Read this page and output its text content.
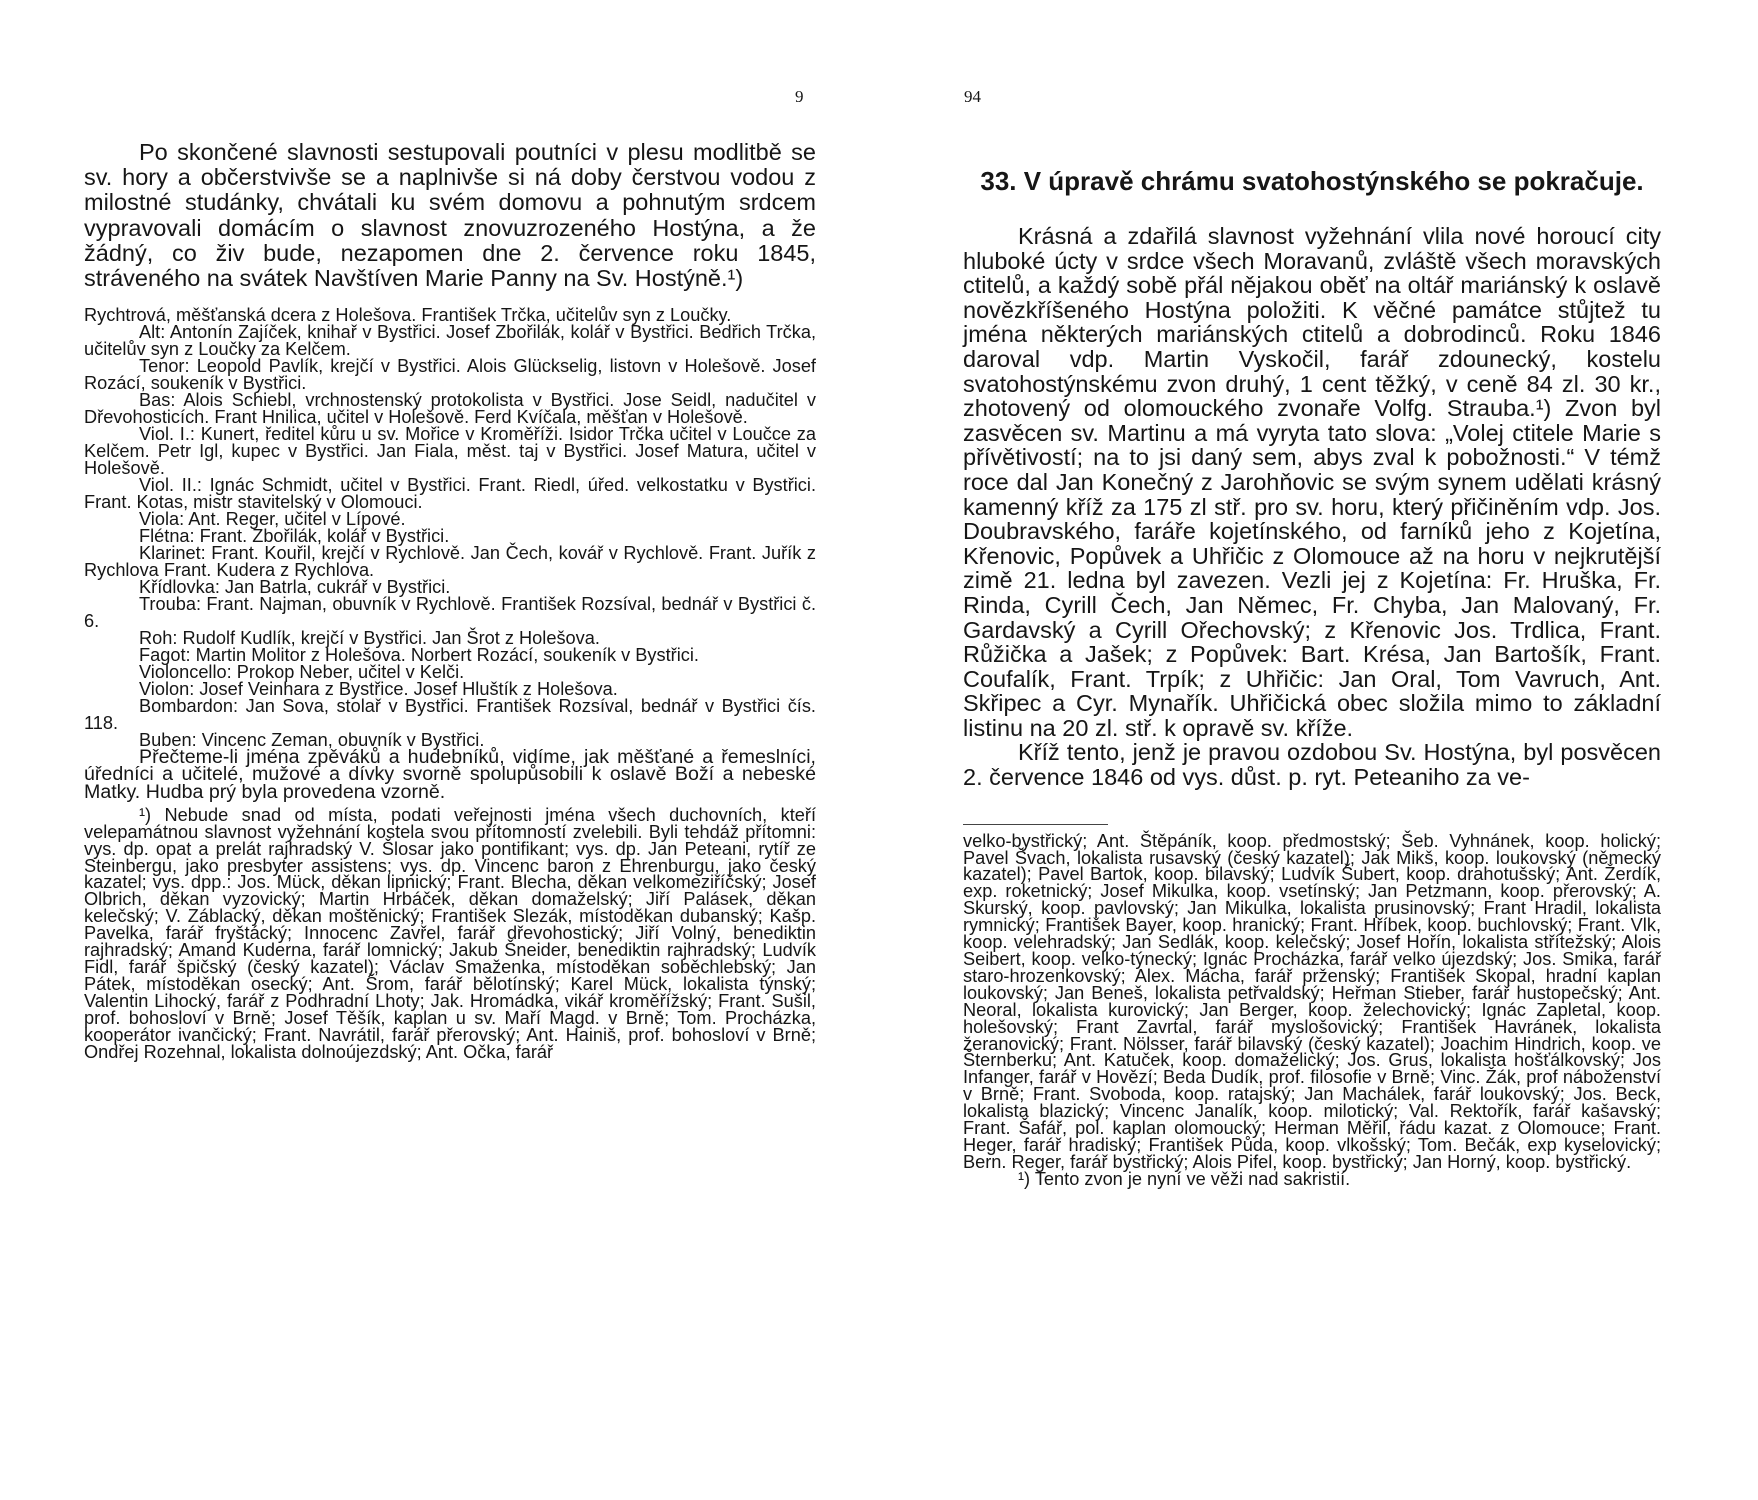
9

Po skončené slavnosti sestupovali poutníci v plesu modlitbě se sv. hory a občerstvivše se a naplnivše si ná doby čerstvou vodou z milostné studánky, chvátali ku svém domovu a pohnutým srdcem vypravovali domácím o slavnost znovuzrozeného Hostýna, a že žádný, co živ bude, nezapomen dne 2. července roku 1845, stráveného na svátek Navštíven Marie Panny na Sv. Hostýně.¹)

Rychtrová, měšťanská dcera z Holešova. František Trčka, učitelův syn z Loučky.

Alt: Antonín Zajíček, knihař v Bystřici. Josef Zbořilák, kolář v Bystřici. Bedřich Trčka, učitelův syn z Loučky za Kelčem.

Tenor: Leopold Pavlík, krejčí v Bystřici. Alois Glückselig, listovn v Holešově. Josef Rozácí, soukeník v Bystřici.

Bas: Alois Schiebl, vrchnostenský protokolista v Bystřici. Jose Seidl, nadučitel v Dřevohosticích. Frant Hnilica, učitel v Holešově. Ferd Kvíčala, měšťan v Holešově.

Viol. I.: Kunert, ředitel kůru u sv. Mořice v Kroměříži. Isidor Trčka učitel v Loučce za Kelčem. Petr Igl, kupec v Bystřici. Jan Fiala, měst. taj v Bystřici. Josef Matura, učitel v Holešově.

Viol. II.: Ignác Schmidt, učitel v Bystřici. Frant. Riedl, úřed. velkostatku v Bystřici. Frant. Kotas, mistr stavitelský v Olomouci.

Viola: Ant. Reger, učitel v Lípové.

Flétna: Frant. Zbořilák, kolář v Bystřici.

Klarinet: Frant. Kouřil, krejčí v Rychlově. Jan Čech, kovář v Rychlově. Frant. Juřík z Rychlova Frant. Kudera z Rychlova.

Křídlovka: Jan Batrla, cukrář v Bystřici.

Trouba: Frant. Najman, obuvník v Rychlově. František Rozsíval, bednář v Bystřici č. 6.

Roh: Rudolf Kudlík, krejčí v Bystřici. Jan Šrot z Holešova.

Fagot: Martin Molitor z Holešova. Norbert Rozácí, soukeník v Bystřici.

Violoncello: Prokop Neber, učitel v Kelči.

Violon: Josef Veinhara z Bystřice. Josef Hluštík z Holešova.

Bombardon: Jan Sova, stolař v Bystřici. František Rozsíval, bednář v Bystřici čís. 118.

Buben: Vincenc Zeman, obuvník v Bystřici.

Přečteme-li jména zpěváků a hudebníků, vidíme, jak měšťané a řemeslníci, úředníci a učitelé, mužové a dívky svorně spolupůsobili k oslavě Boží a nebeské Matky. Hudba prý byla provedena vzorně.

¹) Nebude snad od místa, podati veřejnosti jména všech duchovních, kteří velepamátnou slavnost vyžehnání kostela svou přítomností zvelebili. Byli tehdáž přítomni: vys. dp. opat a prelát rajhradský V. Šlosar jako pontifikant; vys. dp. Jan Peteani, rytíř ze Steinbergu, jako presbyter assistens; vys. dp. Vincenc baron z Ehrenburgu, jako český kazatel; vys. dpp.: Jos. Mück, děkan lipnický; Frant. Blecha, děkan velkomeziříčský; Josef Olbrich, děkan vyzovický; Martin Hrbáček, děkan domaželský; Jiří Palásek, děkan kelečský; V. Záblacký, děkan moštěnický; František Slezák, místoděkan dubanský; Kašp. Pavelka, farář fryštácký; Innocenc Zavřel, farář dřevohostický; Jiří Volný, benediktin rajhradský; Amand Kuderna, farář lomnický; Jakub Šneider, benediktin rajhradský; Ludvík Fidl, farář špičský (český kazatel); Václav Smaženka, místoděkan soběchlebský; Jan Pátek, místoděkan osecký; Ant. Šrom, farář bělotínský; Karel Mück, lokalista týnský; Valentin Lihocký, farář z Podhradní Lhoty; Jak. Hromádka, vikář kroměřížský; Frant. Sušil, prof. bohosloví v Brně; Josef Těšík, kaplan u sv. Maří Magd. v Brně; Tom. Procházka, kooperátor ivančický; Frant. Navrátil, farář přerovský; Ant. Hainiš, prof. bohosloví v Brně; Ondřej Rozehnal, lokalista dolnoújezdský; Ant. Očka, farář

94
33. V úpravě chrámu svatohostýnského se pokračuje.

Krásná a zdařilá slavnost vyžehnání vlila nové horoucí city hluboké úcty v srdce všech Moravanů, zvláště všech moravských ctitelů, a každý sobě přál nějakou oběť na oltář mariánský k oslavě novězkříšeného Hostýna položiti. K věčné památce stůjtež tu jména některých mariánských ctitelů a dobrodinců. Roku 1846 daroval vdp. Martin Vyskočil, farář zdounecký, kostelu svatohostýnskému zvon druhý, 1 cent těžký, v ceně 84 zl. 30 kr., zhotovený od olomouckého zvonaře Volfg. Strauba.¹) Zvon byl zasvěcen sv. Martinu a má vyryta tato slova: „Volej ctitele Marie s přívětivostí; na to jsi daný sem, abys zval k pobožnosti.“ V témž roce dal Jan Konečný z Jarohňovic se svým synem udělati krásný kamenný kříž za 175 zl stř. pro sv. horu, který přičiněním vdp. Jos. Doubravského, faráře kojetínského, od farníků jeho z Kojetína, Křenovic, Popůvek a Uhřičic z Olomouce až na horu v nejkrutější zimě 21. ledna byl zavezen. Vezli jej z Kojetína: Fr. Hruška, Fr. Rinda, Cyrill Čech, Jan Němec, Fr. Chyba, Jan Malovaný, Fr. Gardavský a Cyrill Ořechovský; z Křenovic Jos. Trdlica, Frant. Růžička a Jašek; z Popůvek: Bart. Krésa, Jan Bartošík, Frant. Coufalík, Frant. Trpík; z Uhřičic: Jan Oral, Tom Vavruch, Ant. Skřipec a Cyr. Mynařík. Uhřičická obec složila mimo to základní listinu na 20 zl. stř. k opravě sv. kříže.

Kříž tento, jenž je pravou ozdobou Sv. Hostýna, byl posvěcen 2. července 1846 od vys. důst. p. ryt. Peteaniho za ve-

velko-bystřický; Ant. Štěpáník, koop. předmostský; Šeb. Vyhnánek, koop. holický; Pavel Švach, lokalista rusavský (český kazatel); Jak Mikš, koop. loukovský (německý kazatel); Pavel Bartok, koop. bilavský; Ludvík Šubert, koop. drahotušský; Ant. Žerdík, exp. roketnický; Josef Mikulka, koop. vsetínský; Jan Petzmann, koop. přerovský; A. Skurský, koop. pavlovský; Jan Mikulka, lokalista prusinovský; Frant Hradil, lokalista rymnický; František Bayer, koop. hranický; Frant. Hříbek, koop. buchlovský; Frant. Vlk, koop. velehradský; Jan Sedlák, koop. kelečský; Josef Hořín, lokalista střítežský; Alois Seibert, koop. velko-týnecký; Ignác Procházka, farář velko újezdský; Jos. Smika, farář staro-hrozenkovský; Alex. Mácha, farář prženský; František Skopal, hradní kaplan loukovský; Jan Beneš, lokalista petřvaldský; Heřman Stieber, farář hustopečský; Ant. Neoral, lokalista kurovický; Jan Berger, koop. želechovický; Ignác Zapletal, koop. holešovský; Frant Zavrtal, farář myslošovický; František Havránek, lokalista žeranovický; Frant. Nölsser, farář bilavský (český kazatel); Joachim Hindrich, koop. ve Šternberku; Ant. Katuček, koop. domaželický; Jos. Grus, lokalista hošťálkovský; Jos Infanger, farář v Hovězí; Beda Dudík, prof. filosofie v Brně; Vinc. Žák, prof náboženství v Brně; Frant. Svoboda, koop. ratajský; Jan Machálek, farář loukovský; Jos. Beck, lokalista blazický; Vincenc Janalík, koop. milotický; Val. Rektořík, farář kašavský; Frant. Šafář, pol. kaplan olomoucký; Herman Měřil, řádu kazat. z Olomouce; Frant. Heger, farář hradiský; František Půda, koop. vlkošský; Tom. Bečák, exp kyselovický; Bern. Reger, farář bystřický; Alois Pifel, koop. bystřický; Jan Horný, koop. bystřický.

¹) Tento zvon je nyní ve věži nad sakristií.
